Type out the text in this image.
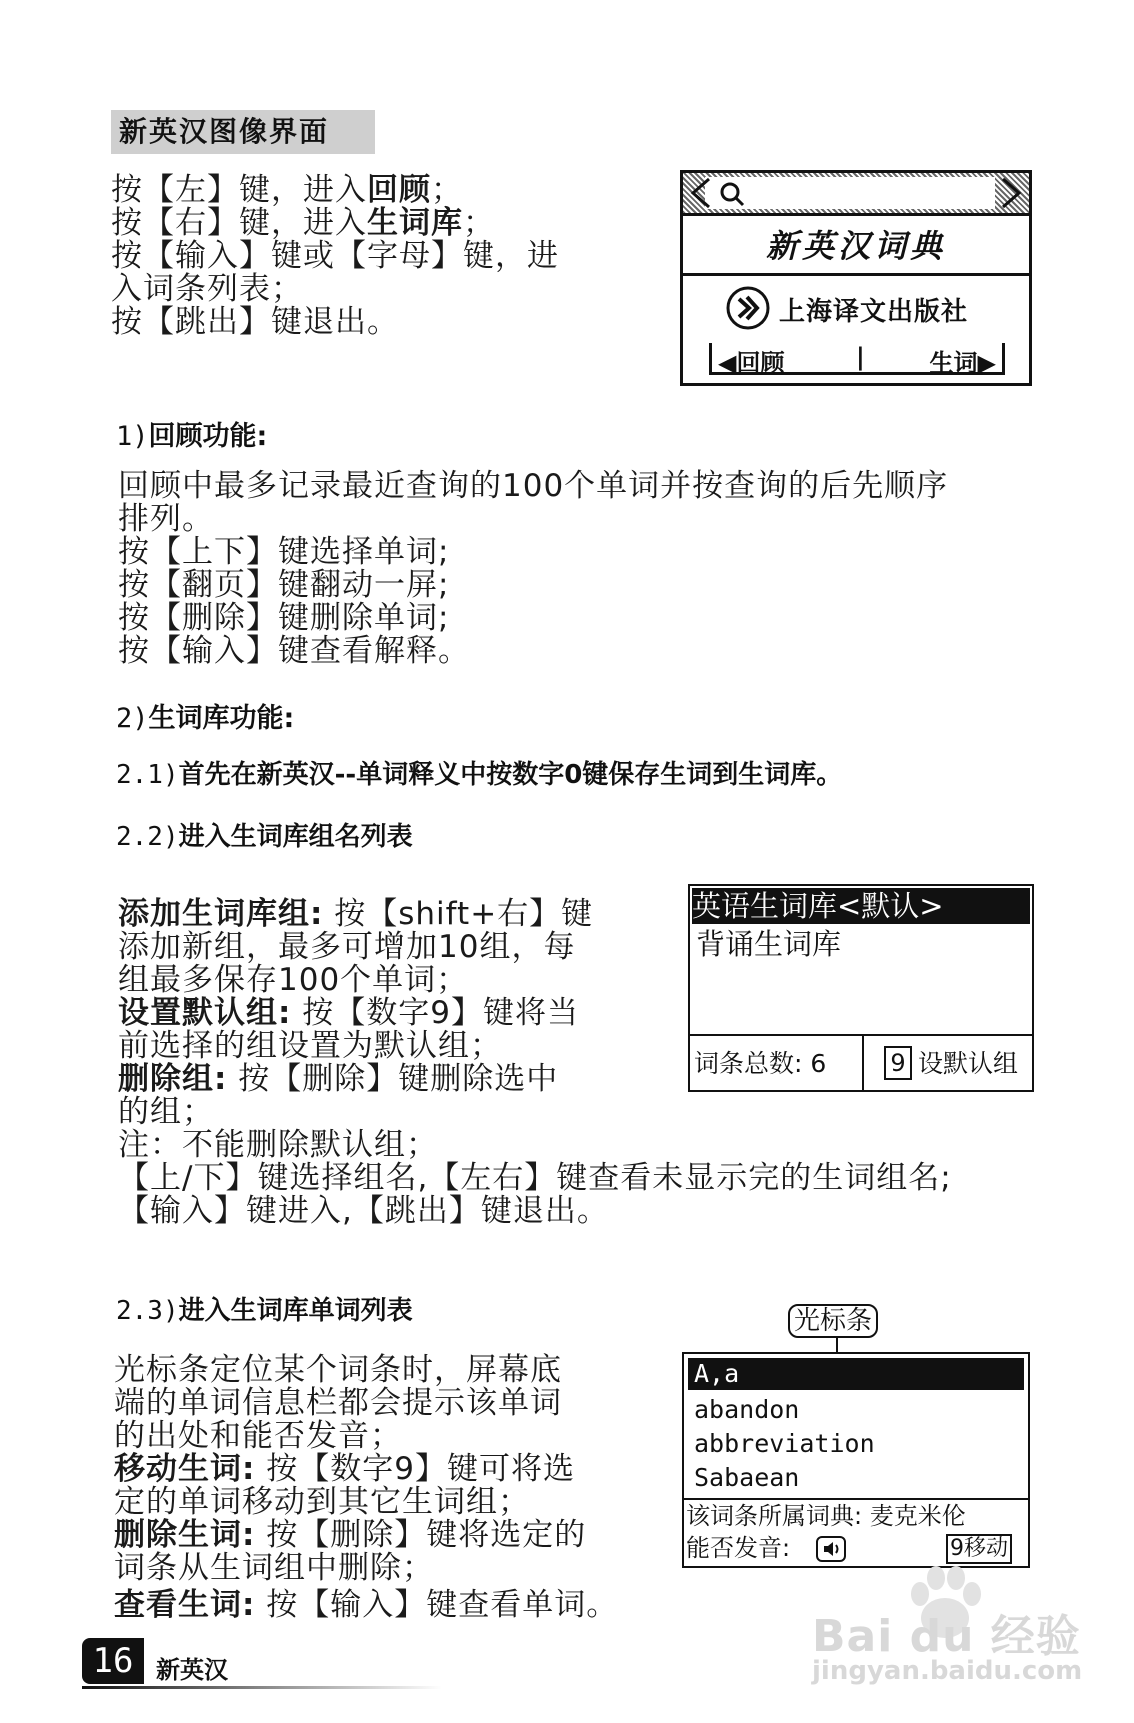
新英汉图像界面
按【左】键，进入回顾；
按【右】键，进入生词库；
按【输入】键或【字母】键，进
入词条列表；
按【跳出】键退出。
新英汉词典
上海译文出版社
◀回顾	|	生词▶
1)回顾功能:
回顾中最多记录最近查询的100个单词并按查询的后先顺序
排列。
按【上下】键选择单词;
按【翻页】键翻动一屏;
按【删除】键删除单词;
按【输入】键查看解释。
2)生词库功能:
2.1)首先在新英汉--单词释义中按数字0键保存生词到生词库。
2.2)进入生词库组名列表
添加生词库组: 按【shift+右】键
添加新组，最多可增加10组，每
组最多保存100个单词；
设置默认组: 按【数字9】键将当
前选择的组设置为默认组；
删除组: 按【删除】键删除选中
的组；
注：不能删除默认组；
【上/下】键选择组名,【左右】键查看未显示完的生词组名;
【输入】键进入,【跳出】键退出。
英语生词库<默认>
背诵生词库
词条总数: 6	9 设默认组
2.3)进入生词库单词列表
光标条定位某个词条时，屏幕底
端的单词信息栏都会提示该单词
的出处和能否发音；
移动生词: 按【数字9】键可将选
定的单词移动到其它生词组；
删除生词: 按【删除】键将选定的
词条从生词组中删除；
查看生词: 按【输入】键查看单词。
光标条
A,a
abandon
abbreviation
Sabaean
该词条所属词典: 麦克米伦
能否发音:	9移动
16 新英汉
Bai du 经验
jingyan.baidu.com
